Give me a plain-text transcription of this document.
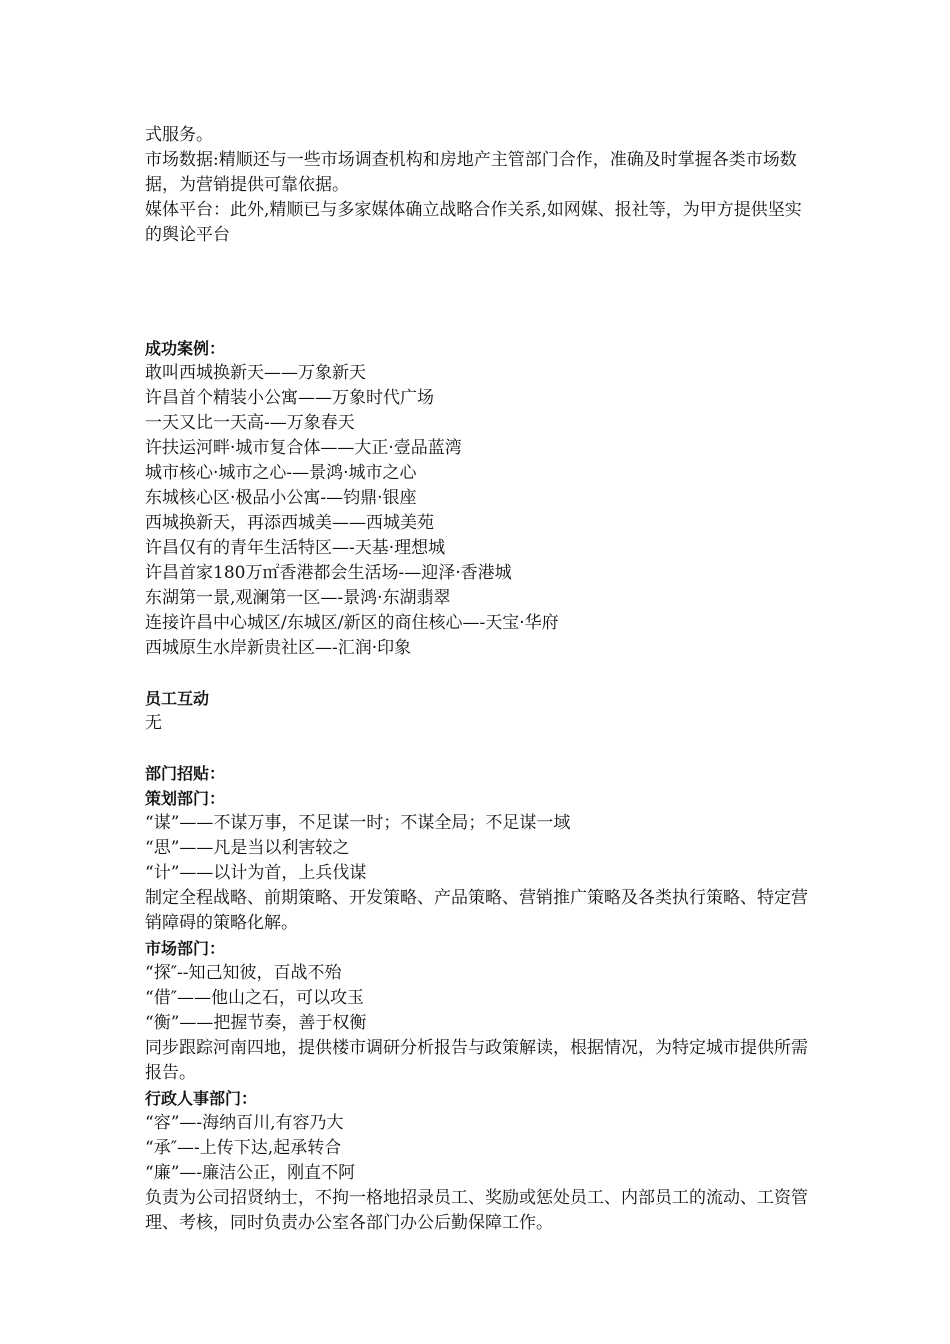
式服务。
市场数据:精顺还与一些市场调查机构和房地产主管部门合作，准确及时掌握各类市场数据，为营销提供可靠依据。
媒体平台：此外,精顺已与多家媒体确立战略合作关系,如网媒、报社等，为甲方提供坚实的舆论平台
成功案例：
敢叫西城换新天——万象新天
许昌首个精装小公寓——万象时代广场
一天又比一天高-—万象春天
许扶运河畔·城市复合体——大正·壹品蓝湾
城市核心·城市之心-—景鸿·城市之心
东城核心区·极品小公寓-—钧鼎·银座
西城换新天，再添西城美——西城美苑
许昌仅有的青年生活特区—-天基·理想城
许昌首家180万㎡香港都会生活场-—迎泽·香港城
东湖第一景,观澜第一区—-景鸿·东湖翡翠
连接许昌中心城区/东城区/新区的商住核心—-天宝·华府
西城原生水岸新贵社区—-汇润·印象
员工互动
无
部门招贴：
策划部门：
“谋”——不谋万事，不足谋一时；不谋全局；不足谋一域
“思”——凡是当以利害较之
“计”——以计为首，上兵伐谋
制定全程战略、前期策略、开发策略、产品策略、营销推广策略及各类执行策略、特定营销障碍的策略化解。
市场部门：
“探″--知己知彼，百战不殆
“借″——他山之石，可以攻玉
“衡”——把握节奏，善于权衡
同步跟踪河南四地，提供楼市调研分析报告与政策解读，根据情况，为特定城市提供所需报告。
行政人事部门：
“容”—-海纳百川,有容乃大
“承″—-上传下达,起承转合
“廉”—-廉洁公正，刚直不阿
负责为公司招贤纳士，不拘一格地招录员工、奖励或惩处员工、内部员工的流动、工资管理、考核，同时负责办公室各部门办公后勤保障工作。
